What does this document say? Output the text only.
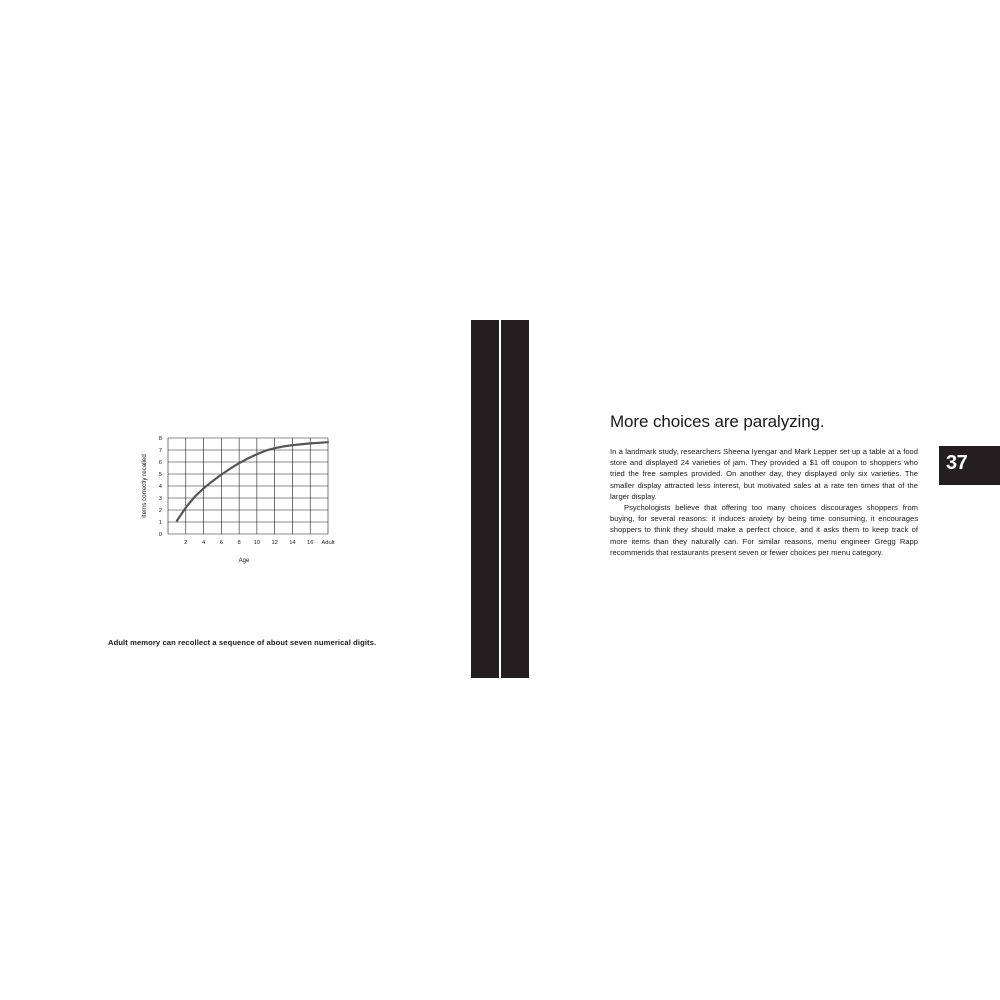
0
1
2
3
4
5
6
7
8
2	4	6	8 10 12 14 16 Adult
Items correctly recalled
Age
Adult memory can recollect a sequence of about seven numerical digits.
More choices are paralyzing.

In a landmark study, researchers Sheena Iyengar and Mark Lepper set up a table at a food store and displayed 24 varieties of jam. They provided a $1 off coupon to shoppers who tried the free samples provided. On another day, they displayed only six varieties. The smaller display attracted less interest, but motivated sales at a rate ten times that of the larger display.

Psychologists believe that offering too many choices discourages shoppers from buying, for several reasons: it induces anxiety by being time consuming, it encourages shoppers to think they should make a perfect choice, and it asks them to keep track of more items than they naturally can. For similar reasons, menu engineer Gregg Rapp recommends that restaurants present seven or fewer choices per menu category.

37
